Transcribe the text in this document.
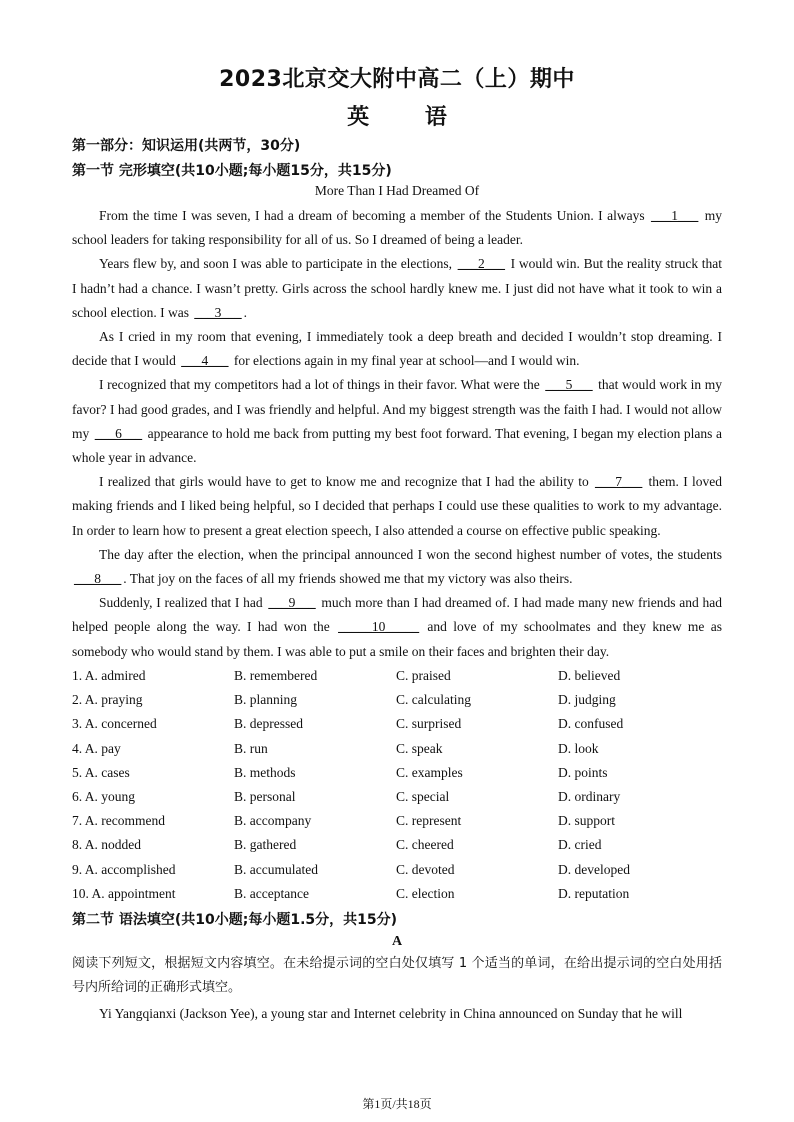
2023北京交大附中高二（上）期中
英 语
第一部分：知识运用(共两节，30分)
第一节 完形填空(共10小题;每小题15分，共15分)
More Than I Had Dreamed Of

From the time I was seven, I had a dream of becoming a member of the Students Union. I always ___1___ my school leaders for taking responsibility for all of us. So I dreamed of being a leader.

Years flew by, and soon I was able to participate in the elections, ___2___ I would win. But the reality struck that I hadn’t had a chance. I wasn’t pretty. Girls across the school hardly knew me. I just did not have what it took to win a school election. I was ___3___ .

As I cried in my room that evening, I immediately took a deep breath and decided I wouldn’t stop dreaming. I decide that I would ___4___ for elections again in my final year at school—and I would win.

I recognized that my competitors had a lot of things in their favor. What were the ___5___ that would work in my favor? I had good grades, and I was friendly and helpful. And my biggest strength was the faith I had. I would not allow my ___6___ appearance to hold me back from putting my best foot forward. That evening, I began my election plans a whole year in advance.

I realized that girls would have to get to know me and recognize that I had the ability to ___7___ them. I loved making friends and I liked being helpful, so I decided that perhaps I could use these qualities to work to my advantage. In order to learn how to present a great election speech, I also attended a course on effective public speaking.

The day after the election, when the principal announced I won the second highest number of votes, the students ___8___ . That joy on the faces of all my friends showed me that my victory was also theirs.

Suddenly, I realized that I had ___9___ much more than I had dreamed of. I had made many new friends and had helped people along the way. I had won the _____10_____ and love of my schoolmates and they knew me as somebody who would stand by them. I was able to put a smile on their faces and brighten their day.

1. A. admired	B. remembered	C. praised	D. believed
2. A. praying	B. planning	C. calculating	D. judging
3. A. concerned	B. depressed	C. surprised	D. confused
4. A. pay	B. run	C. speak	D. look
5. A. cases	B. methods	C. examples	D. points
6. A. young	B. personal	C. special	D. ordinary
7. A. recommend	B. accompany	C. represent	D. support
8. A. nodded	B. gathered	C. cheered	D. cried
9. A. accomplished	B. accumulated	C. devoted	D. developed
10. A. appointment	B. acceptance	C. election	D. reputation
第二节 语法填空(共10小题;每小题1.5分，共15分)
A
阅读下列短文，根据短文内容填空。在未给提示词的空白处仅填写 1 个适当的单词，在给出提示词的空白处用括号内所给词的正确形式填空。

Yi Yangqianxi (Jackson Yee), a young star and Internet celebrity in China announced on Sunday that he will

第1页/共18页
